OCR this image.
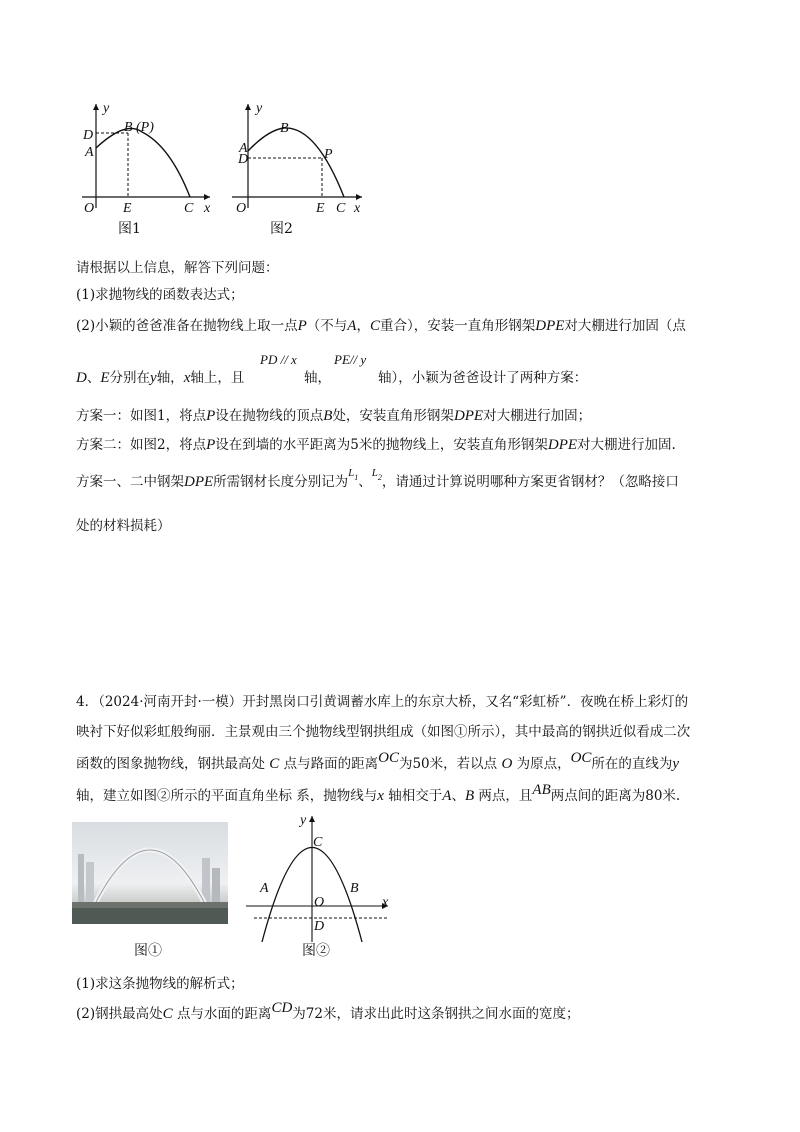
y
B (P)
D
A
O E	C x
图1
y
B
A
D	P
O	E C x
图2
请根据以上信息，解答下列问题：
(1)求抛物线的函数表达式；
(2)小颖的爸爸准备在抛物线上取一点P（不与A，C重合），安装一直角形钢架DPE对大棚进行加固（点
D、E分别在y轴，x轴上，且
PD // x
轴，
PE// y
轴），小颖为爸爸设计了两种方案：
方案一：如图1，将点P设在抛物线的顶点B处，安装直角形钢架DPE对大棚进行加固；
方案二：如图2，将点P设在到墙的水平距离为5米的抛物线上，安装直角形钢架DPE对大棚进行加固.
方案一、二中钢架DPE所需钢材长度分别记为$^{L1}$、$^{L2}$，请通过计算说明哪种方案更省钢材？（忽略接口
处的材料损耗）
4．（2024·河南开封·一模）开封黑岗口引黄调蓄水库上的东京大桥，又名“彩虹桥”．夜晚在桥上彩灯的
映衬下好似彩虹般绚丽．主景观由三个抛物线型钢拱组成（如图①所示），其中最高的钢拱近似看成二次
函数的图象抛物线，钢拱最高处 C 点与路面的距离OC为50米，若以点 O 为原点，OC所在的直线为y
轴，建立如图②所示的平面直角坐标 系，抛物线与x 轴相交于A、B 两点，且AB两点间的距离为80米.
图①
y
C
A	B
O
D
x
图②
(1)求这条抛物线的解析式；
(2)钢拱最高处C 点与水面的距离CD为72米，请求出此时这条钢拱之间水面的宽度；
